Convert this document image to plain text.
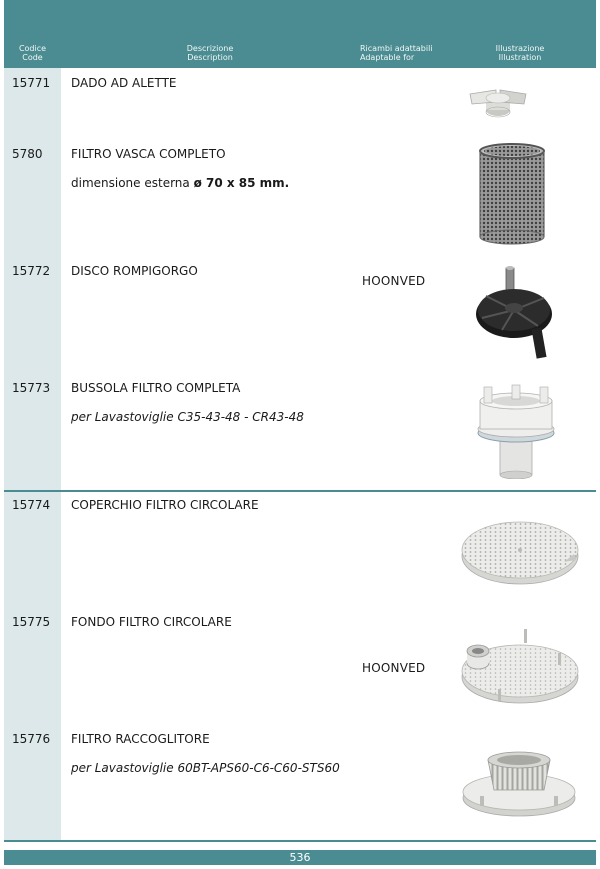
Codice
Code
Descrizione
Description
Ricambi adattabili
Adaptable for
Illustrazione
Illustration
15771 DADO AD ALETTE
5780 FILTRO VASCA COMPLETO
dimensione esterna ø 70 x 85 mm.
15772 DISCO ROMPIGORGO
HOONVED
15773 BUSSOLA FILTRO COMPLETA
per Lavastoviglie C35-43-48 - CR43-48
15774 COPERCHIO FILTRO CIRCOLARE
15775 FONDO FILTRO CIRCOLARE
HOONVED
15776 FILTRO RACCOGLITORE
per Lavastoviglie 60BT-APS60-C6-C60-STS60
536
